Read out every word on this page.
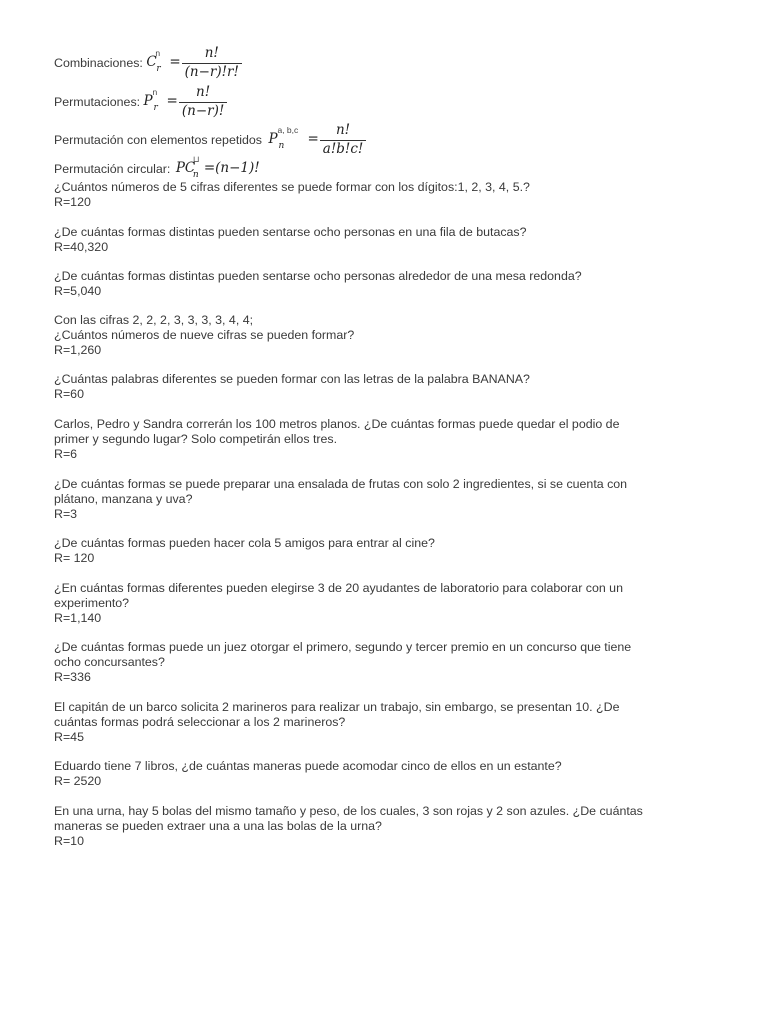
Combinaciones: C
n
$r = \frac{n!}{(n-r)!r!}$
Permutaciones: P
n
$r = \frac{n!}{(n-r)!}$
Permutación con elementos repetidos P
a, b,c
$n = \frac{n!}{a!b!c!}$
Permutación circular: PC
⊔
n =(n−1)!

¿Cuántos números de 5 cifras diferentes se puede formar con los dígitos:1, 2, 3, 4, 5.?

R=120

¿De cuántas formas distintas pueden sentarse ocho personas en una fila de butacas?

R=40,320

¿De cuántas formas distintas pueden sentarse ocho personas alrededor de una mesa redonda?

R=5,040

Con las cifras 2, 2, 2, 3, 3, 3, 3, 4, 4;

¿Cuántos números de nueve cifras se pueden formar?

R=1,260

¿Cuántas palabras diferentes se pueden formar con las letras de la palabra BANANA?

R=60

Carlos, Pedro y Sandra correrán los 100 metros planos. ¿De cuántas formas puede quedar el podio de

primer y segundo lugar? Solo competirán ellos tres.

R=6

¿De cuántas formas se puede preparar una ensalada de frutas con solo 2 ingredientes, si se cuenta con

plátano, manzana y uva?

R=3

¿De cuántas formas pueden hacer cola 5 amigos para entrar al cine?

R= 120

¿En cuántas formas diferentes pueden elegirse 3 de 20 ayudantes de laboratorio para colaborar con un

experimento?

R=1,140

¿De cuántas formas puede un juez otorgar el primero, segundo y tercer premio en un concurso que tiene

ocho concursantes?

R=336

El capitán de un barco solicita 2 marineros para realizar un trabajo, sin embargo, se presentan 10. ¿De

cuántas formas podrá seleccionar a los 2 marineros?

R=45

Eduardo tiene 7 libros, ¿de cuántas maneras puede acomodar cinco de ellos en un estante?

R= 2520

En una urna, hay 5 bolas del mismo tamaño y peso, de los cuales, 3 son rojas y 2 son azules. ¿De cuántas

maneras se pueden extraer una a una las bolas de la urna?

R=10
